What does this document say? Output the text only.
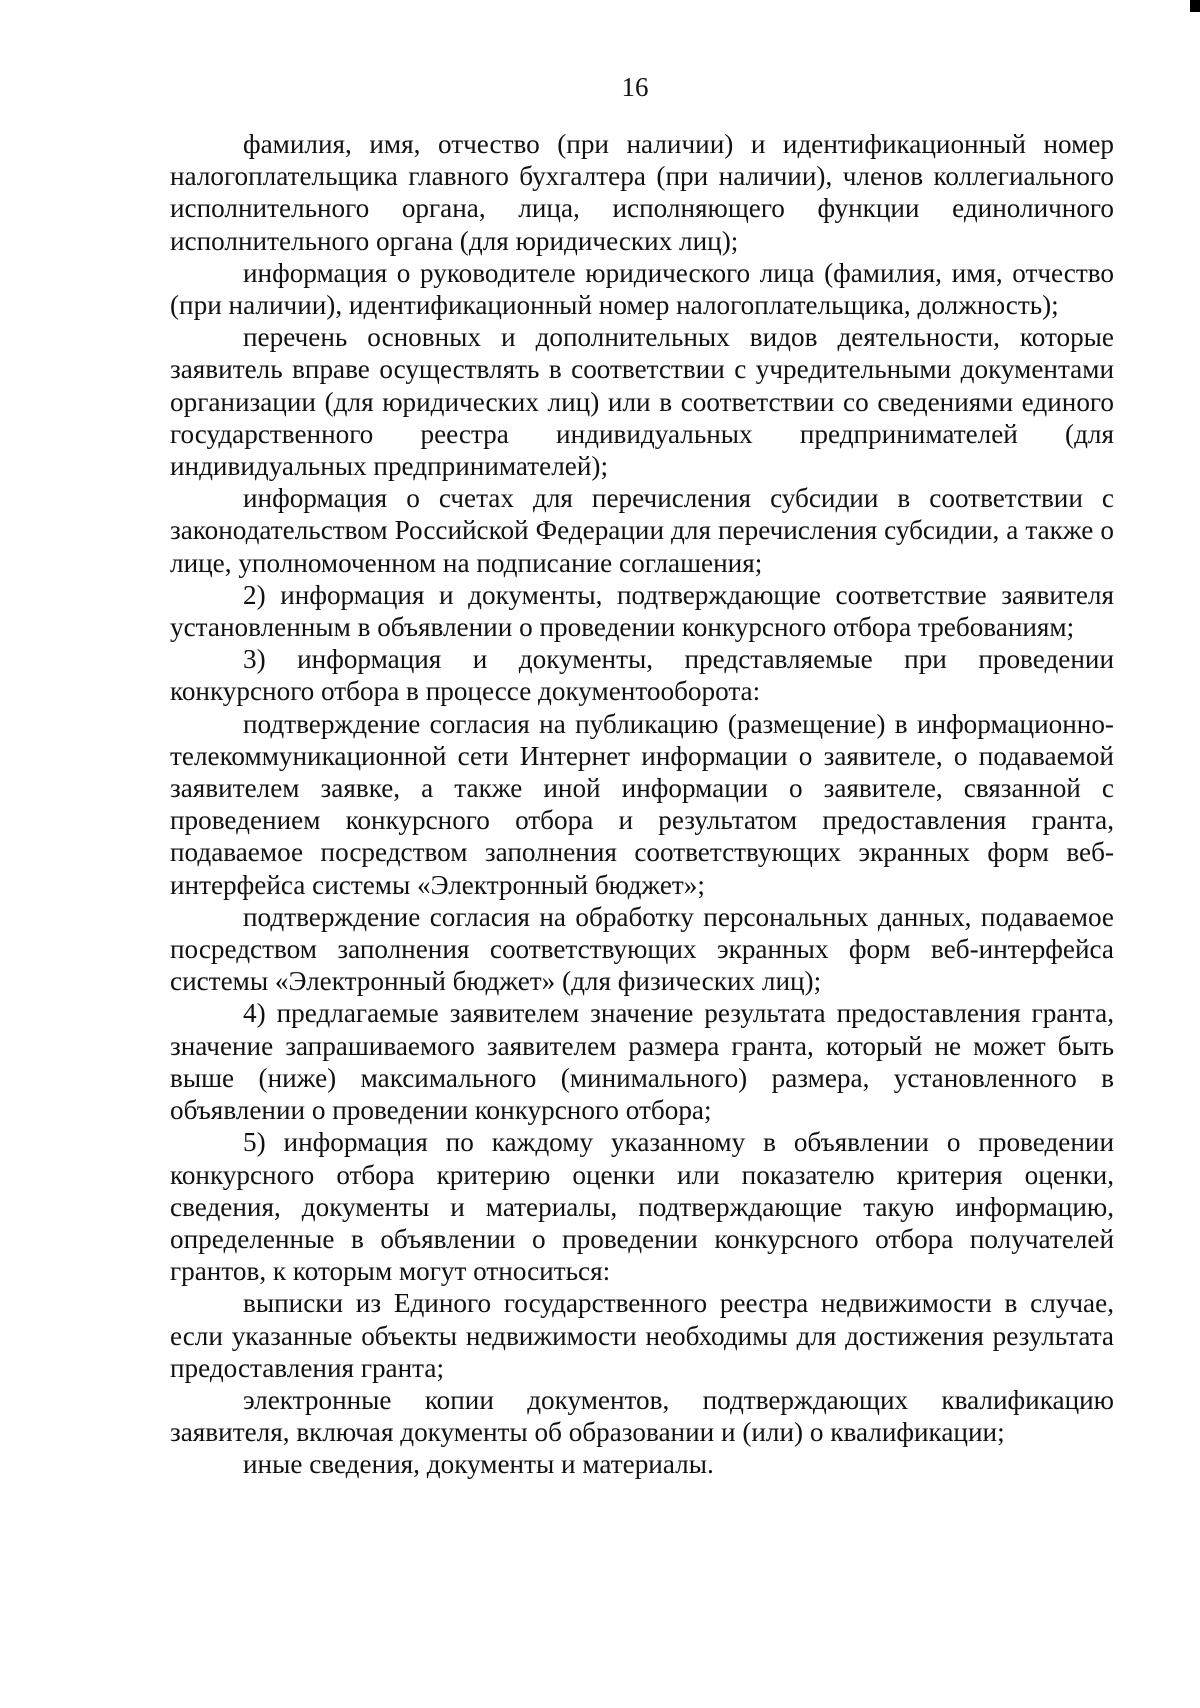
16

фамилия, имя, отчество (при наличии) и идентификационный номер налогоплательщика главного бухгалтера (при наличии), членов коллегиального исполнительного органа, лица, исполняющего функции единоличного исполнительного органа (для юридических лиц);

информация о руководителе юридического лица (фамилия, имя, отчество (при наличии), идентификационный номер налогоплательщика, должность);

перечень основных и дополнительных видов деятельности, которые заявитель вправе осуществлять в соответствии с учредительными документами организации (для юридических лиц) или в соответствии со сведениями единого государственного реестра индивидуальных предпринимателей (для индивидуальных предпринимателей);

информация о счетах для перечисления субсидии в соответствии с законодательством Российской Федерации для перечисления субсидии, а также о лице, уполномоченном на подписание соглашения;

2) информация и документы, подтверждающие соответствие заявителя установленным в объявлении о проведении конкурсного отбора требованиям;

3) информация и документы, представляемые при проведении конкурсного отбора в процессе документооборота:

подтверждение согласия на публикацию (размещение) в информационно-телекоммуникационной сети Интернет информации о заявителе, о подаваемой заявителем заявке, а также иной информации о заявителе, связанной с проведением конкурсного отбора и результатом предоставления гранта, подаваемое посредством заполнения соответствующих экранных форм веб-интерфейса системы «Электронный бюджет»;

подтверждение согласия на обработку персональных данных, подаваемое посредством заполнения соответствующих экранных форм веб-интерфейса системы «Электронный бюджет» (для физических лиц);

4) предлагаемые заявителем значение результата предоставления гранта, значение запрашиваемого заявителем размера гранта, который не может быть выше (ниже) максимального (минимального) размера, установленного в объявлении о проведении конкурсного отбора;

5) информация по каждому указанному в объявлении о проведении конкурсного отбора критерию оценки или показателю критерия оценки, сведения, документы и материалы, подтверждающие такую информацию, определенные в объявлении о проведении конкурсного отбора получателей грантов, к которым могут относиться:

выписки из Единого государственного реестра недвижимости в случае, если указанные объекты недвижимости необходимы для достижения результата предоставления гранта;

электронные копии документов, подтверждающих квалификацию заявителя, включая документы об образовании и (или) о квалификации;

иные сведения, документы и материалы.
